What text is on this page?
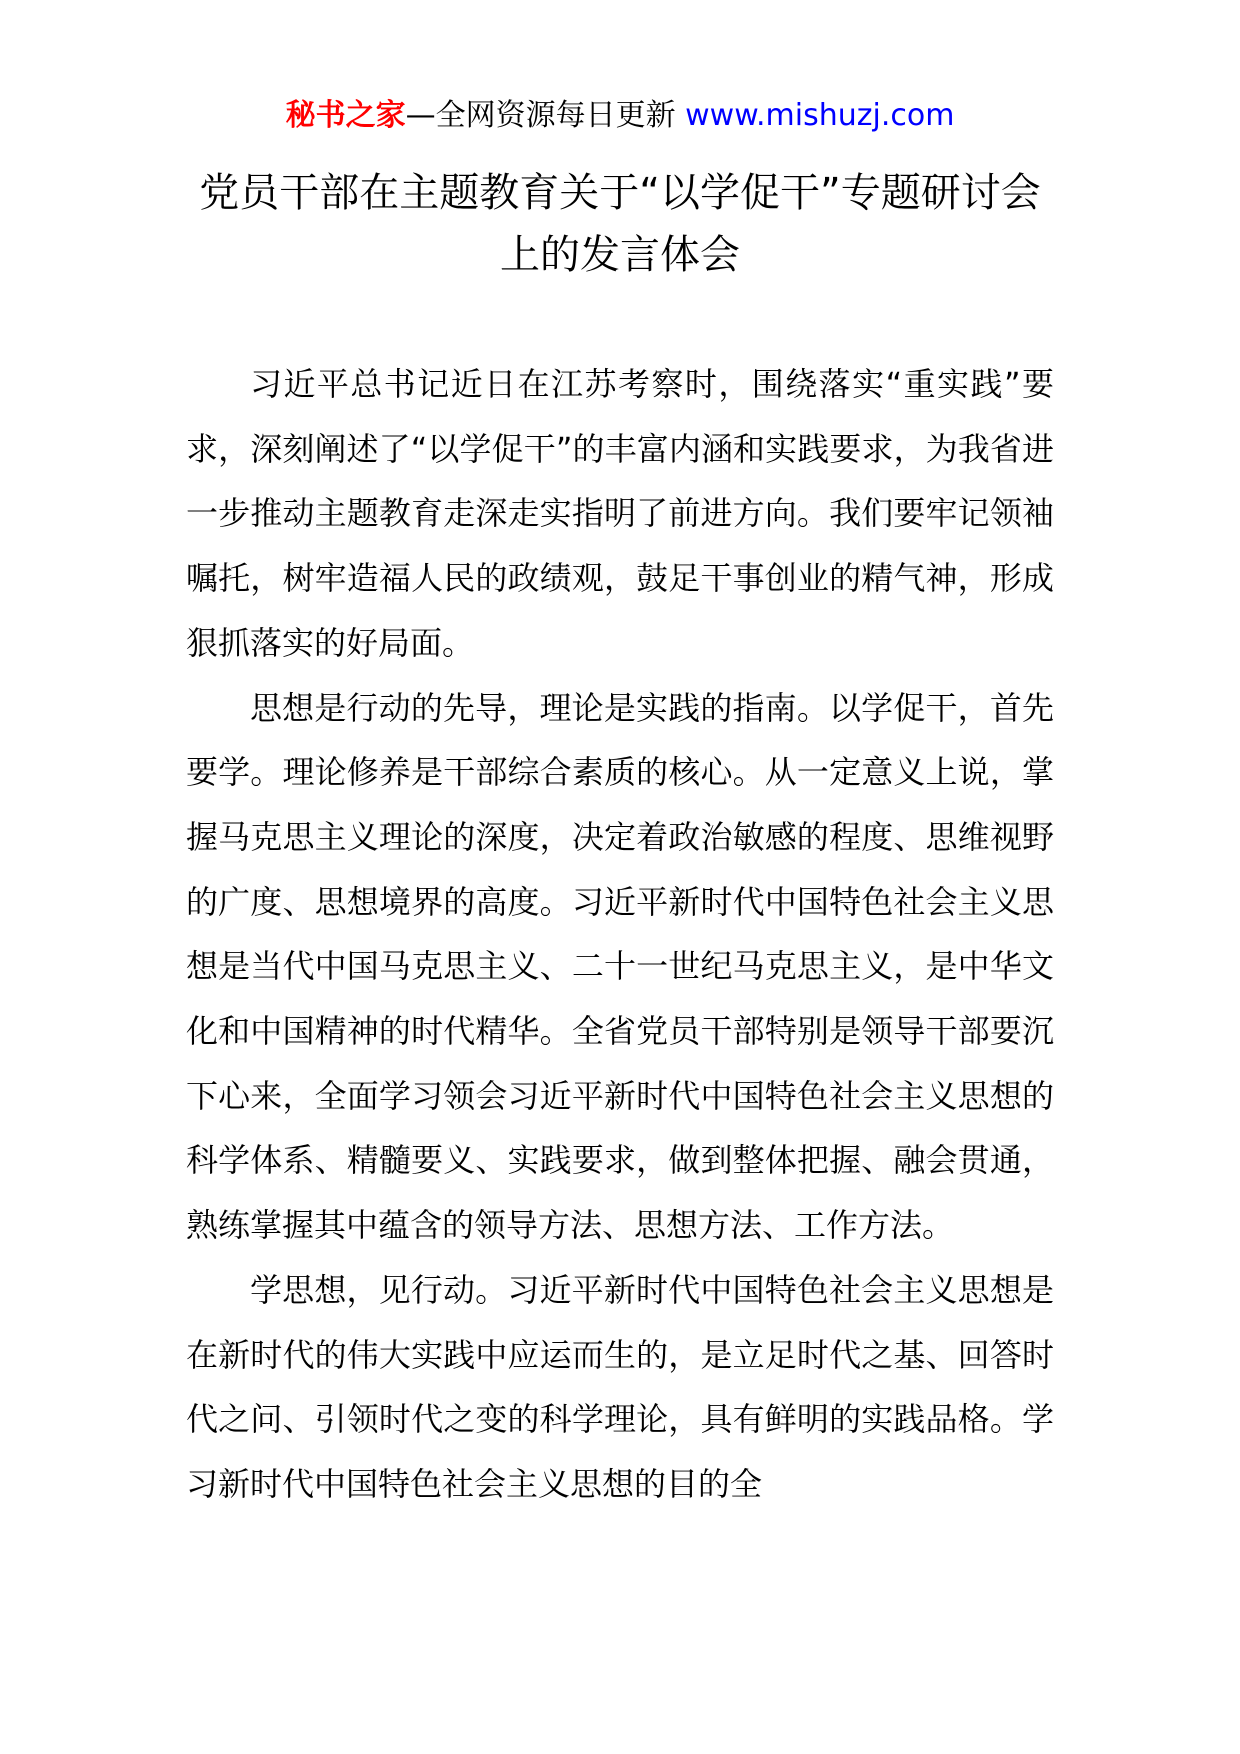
秘书之家—全网资源每日更新 www.mishuzj.com
党员干部在主题教育关于“以学促干”专题研讨会上的发言体会

习近平总书记近日在江苏考察时，围绕落实“重实践”要求，深刻阐述了“以学促干”的丰富内涵和实践要求，为我省进一步推动主题教育走深走实指明了前进方向。我们要牢记领袖嘱托，树牢造福人民的政绩观，鼓足干事创业的精气神，形成狠抓落实的好局面。

思想是行动的先导，理论是实践的指南。以学促干，首先要学。理论修养是干部综合素质的核心。从一定意义上说，掌握马克思主义理论的深度，决定着政治敏感的程度、思维视野的广度、思想境界的高度。习近平新时代中国特色社会主义思想是当代中国马克思主义、二十一世纪马克思主义，是中华文化和中国精神的时代精华。全省党员干部特别是领导干部要沉下心来，全面学习领会习近平新时代中国特色社会主义思想的科学体系、精髓要义、实践要求，做到整体把握、融会贯通，熟练掌握其中蕴含的领导方法、思想方法、工作方法。

学思想，见行动。习近平新时代中国特色社会主义思想是在新时代的伟大实践中应运而生的，是立足时代之基、回答时代之问、引领时代之变的科学理论，具有鲜明的实践品格。学习新时代中国特色社会主义思想的目的全
